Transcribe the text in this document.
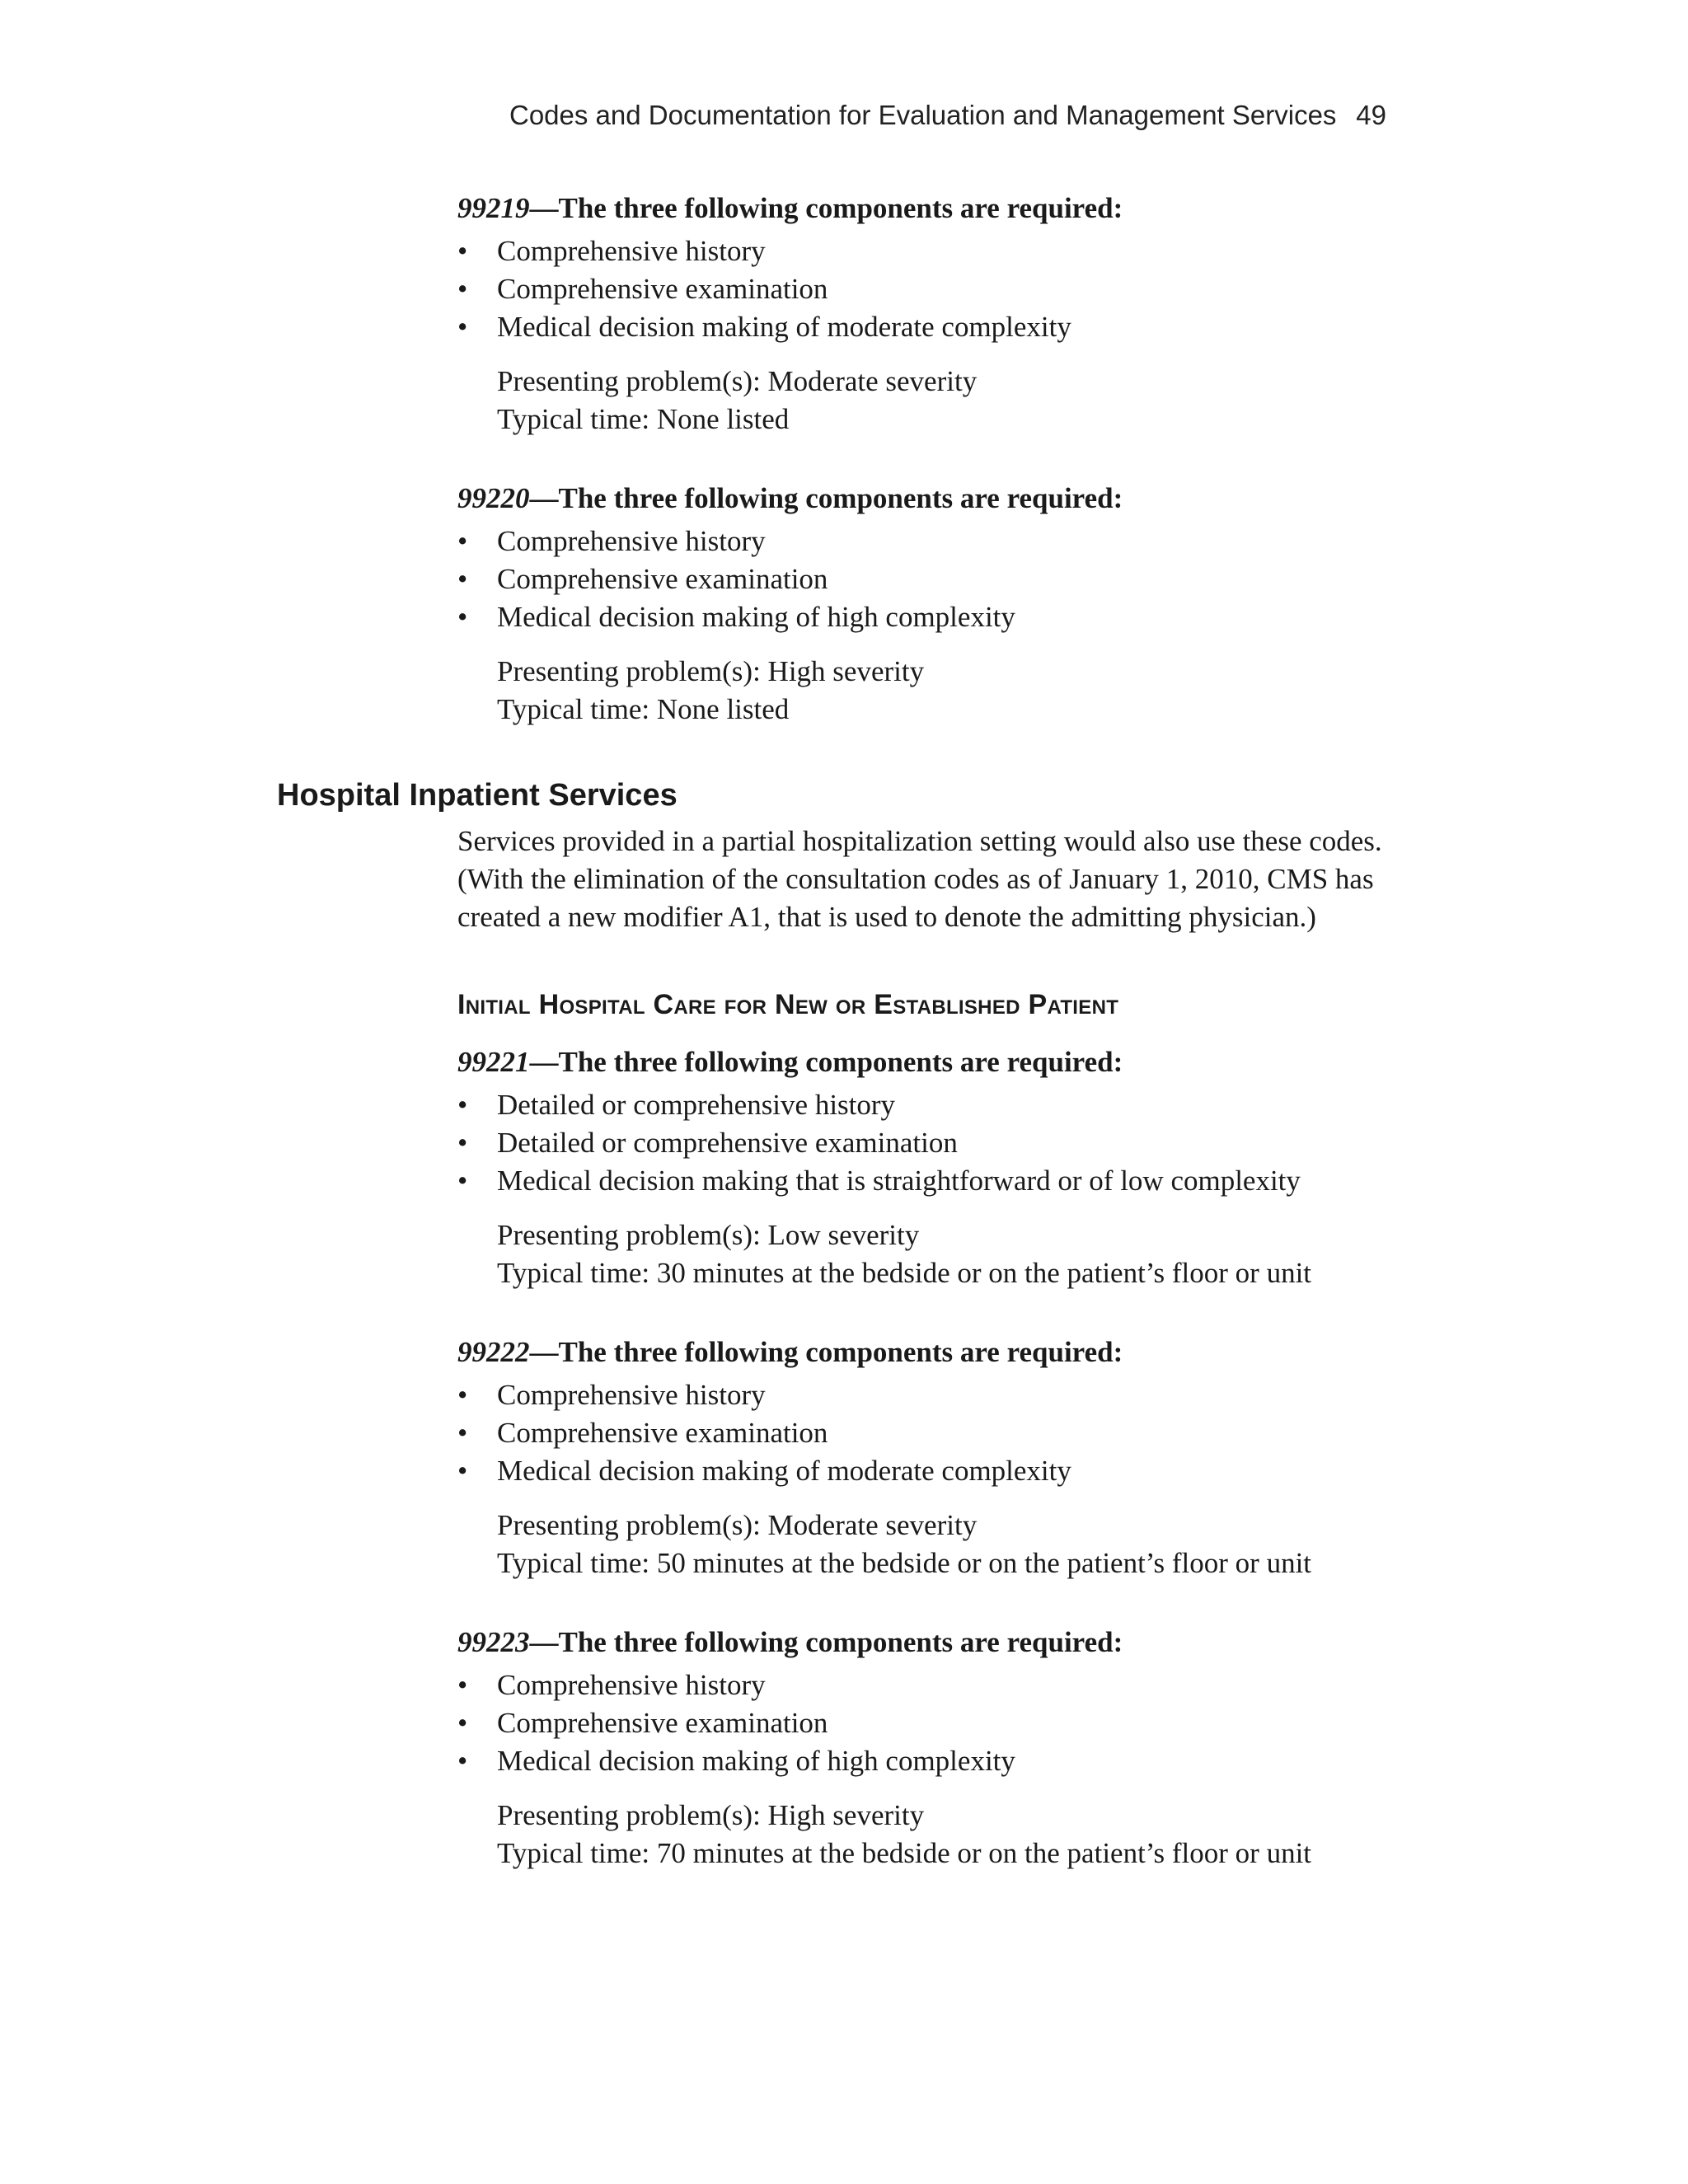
Codes and Documentation for Evaluation and Management Services 49
99219—The three following components are required:
• Comprehensive history
• Comprehensive examination
• Medical decision making of moderate complexity
Presenting problem(s): Moderate severity
Typical time: None listed
99220—The three following components are required:
• Comprehensive history
• Comprehensive examination
• Medical decision making of high complexity
Presenting problem(s): High severity
Typical time: None listed
Hospital Inpatient Services
Services provided in a partial hospitalization setting would also use these codes.
(With the elimination of the consultation codes as of January 1, 2010, CMS has
created a new modifier A1, that is used to denote the admitting physician.)
Initial Hospital Care for New or Established Patient
99221—The three following components are required:
• Detailed or comprehensive history
• Detailed or comprehensive examination
• Medical decision making that is straightforward or of low complexity
Presenting problem(s): Low severity
Typical time: 30 minutes at the bedside or on the patient’s floor or unit
99222—The three following components are required:
• Comprehensive history
• Comprehensive examination
• Medical decision making of moderate complexity
Presenting problem(s): Moderate severity
Typical time: 50 minutes at the bedside or on the patient’s floor or unit
99223—The three following components are required:
• Comprehensive history
• Comprehensive examination
• Medical decision making of high complexity
Presenting problem(s): High severity
Typical time: 70 minutes at the bedside or on the patient’s floor or unit
